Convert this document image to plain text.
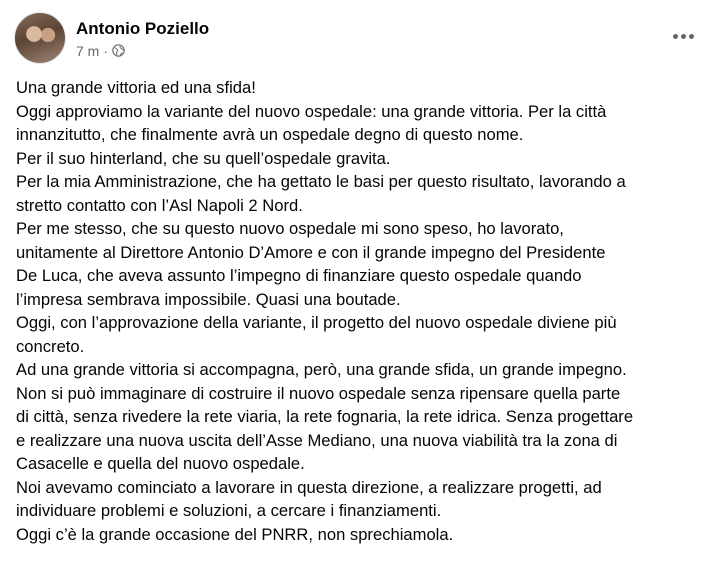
Antonio Poziello
7 m ·

Una grande vittoria ed una sfida!

Oggi approviamo la variante del nuovo ospedale: una grande vittoria. Per la città
innanzitutto, che finalmente avrà un ospedale degno di questo nome.
Per il suo hinterland, che su quell’ospedale gravita.
Per la mia Amministrazione, che ha gettato le basi per questo risultato, lavorando a
stretto contatto con l’Asl Napoli 2 Nord.
Per me stesso, che su questo nuovo ospedale mi sono speso, ho lavorato,
unitamente al Direttore Antonio D’Amore e con il grande impegno del Presidente
De Luca, che aveva assunto l’impegno di finanziare questo ospedale quando
l’impresa sembrava impossibile. Quasi una boutade.
Oggi, con l’approvazione della variante, il progetto del nuovo ospedale diviene più
concreto.
Ad una grande vittoria si accompagna, però, una grande sfida, un grande impegno.
Non si può immaginare di costruire il nuovo ospedale senza ripensare quella parte
di città, senza rivedere la rete viaria, la rete fognaria, la rete idrica. Senza progettare
e realizzare una nuova uscita dell’Asse Mediano, una nuova viabilità tra la zona di
Casacelle e quella del nuovo ospedale.
Noi avevamo cominciato a lavorare in questa direzione, a realizzare progetti, ad
individuare problemi e soluzioni, a cercare i finanziamenti.
Oggi c’è la grande occasione del PNRR, non sprechiamola.
